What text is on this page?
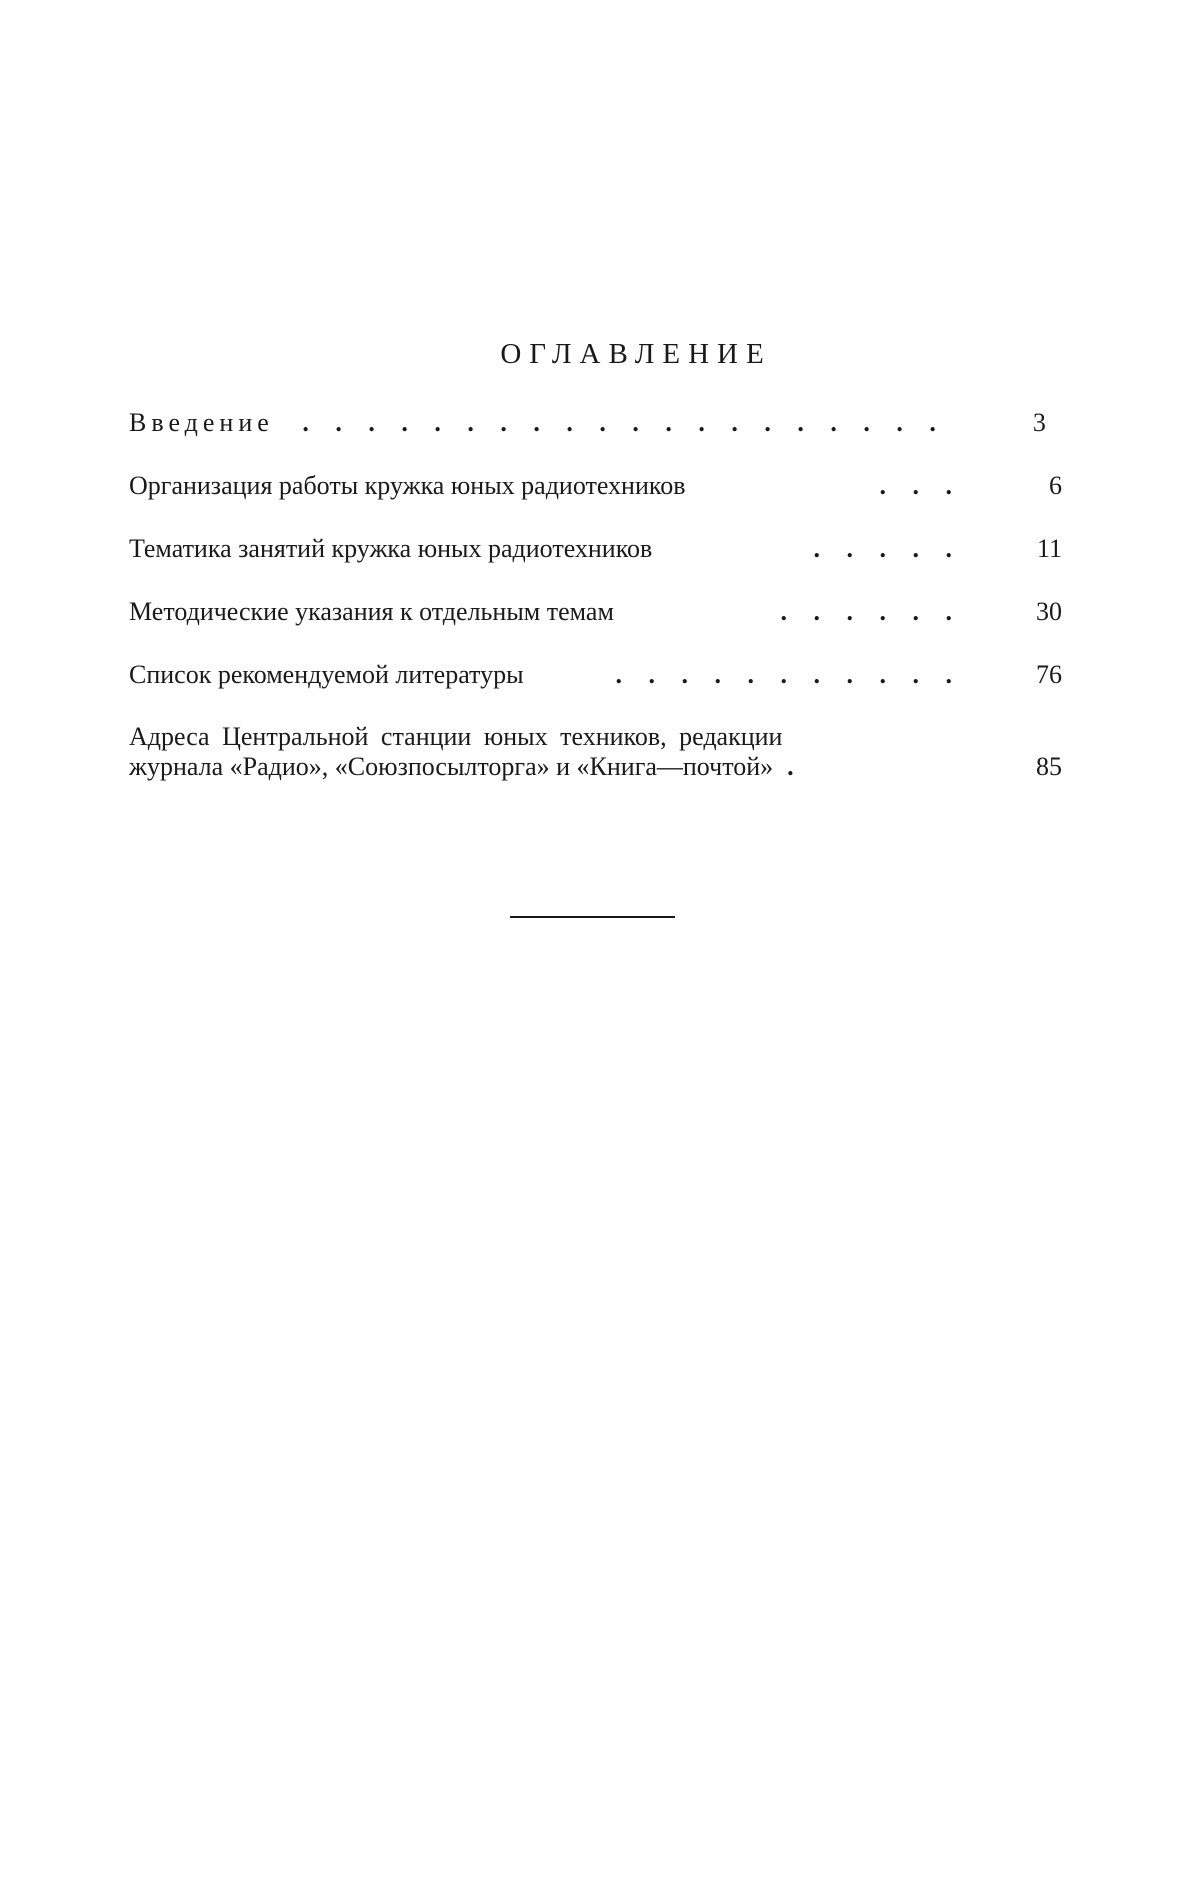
ОГЛАВЛЕНИЕ
Введение	. . . . . . . . . . . . . . . . . . . .	3
Организация работы кружка юных радиотехников	. . .	6
Тематика занятий кружка юных радиотехников	. . . . .	11
Методические указания к отдельным темам	. . . . . .	30
Список рекомендуемой литературы	. . . . . . . . . . .	76
Адреса Центральной станции юных техников, редакции
журнала «Радио», «Союзпосылторга» и «Книга—почтой» .	85
